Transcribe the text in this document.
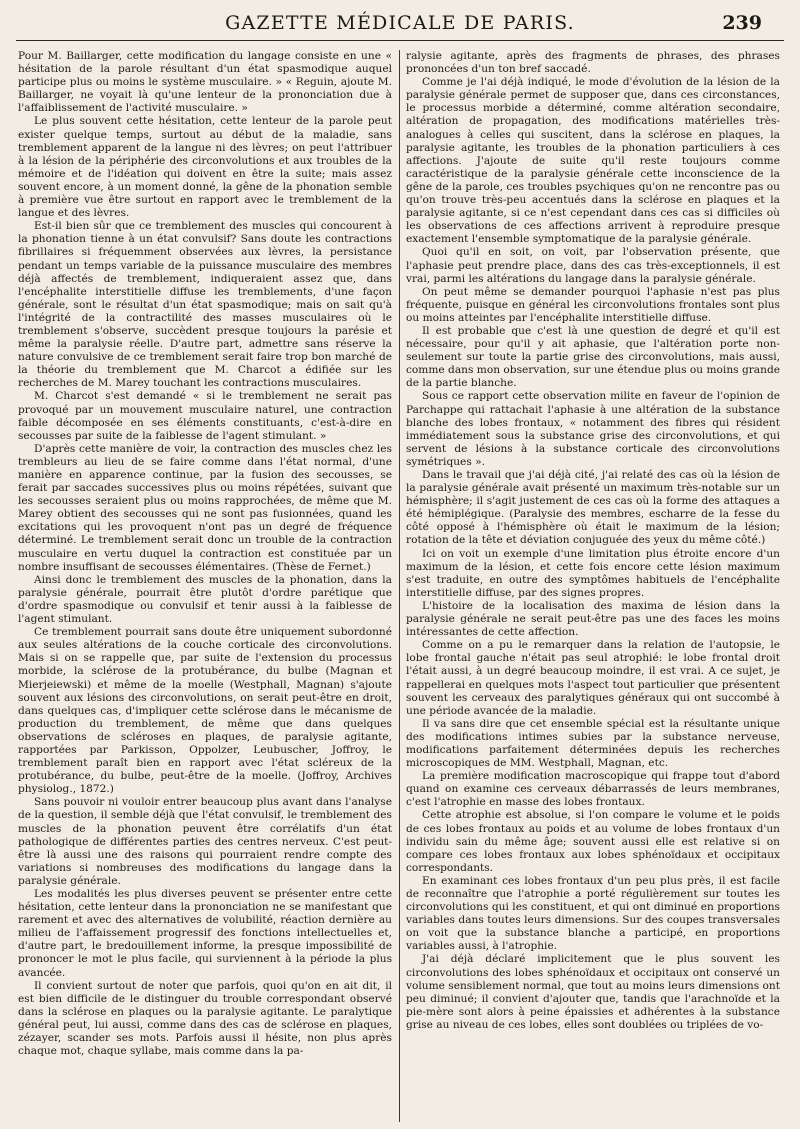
GAZETTE MÉDICALE DE PARIS.	239

Pour M. Baillarger, cette modification du langage consiste en une « hésitation de la parole résultant d'un état spasmodique auquel participe plus ou moins le système musculaire. » « Reguin, ajoute M. Baillarger, ne voyait là qu'une lenteur de la prononciation due à l'affaiblissement de l'activité musculaire. »

Le plus souvent cette hésitation, cette lenteur de la parole peut exister quelque temps, surtout au début de la maladie, sans tremblement apparent de la langue ni des lèvres; on peut l'attribuer à la lésion de la périphérie des circonvolutions et aux troubles de la mémoire et de l'idéation qui doivent en être la suite; mais assez souvent encore, à un moment donné, la gêne de la phonation semble à première vue être surtout en rapport avec le tremblement de la langue et des lèvres.

Est-il bien sûr que ce tremblement des muscles qui concourent à la phonation tienne à un état convulsif? Sans doute les contractions fibrillaires si fréquemment observées aux lèvres, la persistance pendant un temps variable de la puissance musculaire des membres déjà affectés de tremblement, indiqueraient assez que, dans l'encéphalite interstitielle diffuse les tremblements, d'une façon générale, sont le résultat d'un état spasmodique; mais on sait qu'à l'intégrité de la contractilité des masses musculaires où le tremblement s'observe, succèdent presque toujours la parésie et même la paralysie réelle. D'autre part, admettre sans réserve la nature convulsive de ce tremblement serait faire trop bon marché de la théorie du tremblement que M. Charcot a édifiée sur les recherches de M. Marey touchant les contractions musculaires.

M. Charcot s'est demandé « si le tremblement ne serait pas provoqué par un mouvement musculaire naturel, une contraction faible décomposée en ses éléments constituants, c'est-à-dire en secousses par suite de la faiblesse de l'agent stimulant. »

D'après cette manière de voir, la contraction des muscles chez les trembleurs au lieu de se faire comme dans l'état normal, d'une manière en apparence continue, par la fusion des secousses, se ferait par saccades successives plus ou moins répétées, suivant que les secousses seraient plus ou moins rapprochées, de même que M. Marey obtient des secousses qui ne sont pas fusionnées, quand les excitations qui les provoquent n'ont pas un degré de fréquence déterminé. Le tremblement serait donc un trouble de la contraction musculaire en vertu duquel la contraction est constituée par un nombre insuffisant de secousses élémentaires. (Thèse de Fernet.)

Ainsi donc le tremblement des muscles de la phonation, dans la paralysie générale, pourrait être plutôt d'ordre parétique que d'ordre spasmodique ou convulsif et tenir aussi à la faiblesse de l'agent stimulant.

Ce tremblement pourrait sans doute être uniquement subordonné aux seules altérations de la couche corticale des circonvolutions. Mais si on se rappelle que, par suite de l'extension du processus morbide, la sclérose de la protubérance, du bulbe (Magnan et Mierjeiewski) et même de la moelle (Westphall, Magnan) s'ajoute souvent aux lésions des circonvolutions, on serait peut-être en droit, dans quelques cas, d'impliquer cette sclérose dans le mécanisme de production du tremblement, de même que dans quelques observations de scléroses en plaques, de paralysie agitante, rapportées par Parkisson, Oppolzer, Leubuscher, Joffroy, le tremblement paraît bien en rapport avec l'état scléreux de la protubérance, du bulbe, peut-être de la moelle. (Joffroy, Archives physiolog., 1872.)

Sans pouvoir ni vouloir entrer beaucoup plus avant dans l'analyse de la question, il semble déjà que l'état convulsif, le tremblement des muscles de la phonation peuvent être corrélatifs d'un état pathologique de différentes parties des centres nerveux. C'est peut-être là aussi une des raisons qui pourraient rendre compte des variations si nombreuses des modifications du langage dans la paralysie générale.

Les modalités les plus diverses peuvent se présenter entre cette hésitation, cette lenteur dans la prononciation ne se manifestant que rarement et avec des alternatives de volubilité, réaction dernière au milieu de l'affaissement progressif des fonctions intellectuelles et, d'autre part, le bredouillement informe, la presque impossibilité de prononcer le mot le plus facile, qui surviennent à la période la plus avancée.

Il convient surtout de noter que parfois, quoi qu'on en ait dit, il est bien difficile de le distinguer du trouble correspondant observé dans la sclérose en plaques ou la paralysie agitante. Le paralytique général peut, lui aussi, comme dans des cas de sclérose en plaques, zézayer, scander ses mots. Parfois aussi il hésite, non plus après chaque mot, chaque syllabe, mais comme dans la pa-

ralysie agitante, après des fragments de phrases, des phrases prononcées d'un ton bref saccadé.

Comme je l'ai déjà indiqué, le mode d'évolution de la lésion de la paralysie générale permet de supposer que, dans ces circonstances, le processus morbide a déterminé, comme altération secondaire, altération de propagation, des modifications matérielles très-analogues à celles qui suscitent, dans la sclérose en plaques, la paralysie agitante, les troubles de la phonation particuliers à ces affections. J'ajoute de suite qu'il reste toujours comme caractéristique de la paralysie générale cette inconscience de la gêne de la parole, ces troubles psychiques qu'on ne rencontre pas ou qu'on trouve très-peu accentués dans la sclérose en plaques et la paralysie agitante, si ce n'est cependant dans ces cas si difficiles où les observations de ces affections arrivent à reproduire presque exactement l'ensemble symptomatique de la paralysie générale.

Quoi qu'il en soit, on voit, par l'observation présente, que l'aphasie peut prendre place, dans des cas très-exceptionnels, il est vrai, parmi les altérations du langage dans la paralysie générale.

On peut même se demander pourquoi l'aphasie n'est pas plus fréquente, puisque en général les circonvolutions frontales sont plus ou moins atteintes par l'encéphalite interstitielle diffuse.

Il est probable que c'est là une question de degré et qu'il est nécessaire, pour qu'il y ait aphasie, que l'altération porte non-seulement sur toute la partie grise des circonvolutions, mais aussi, comme dans mon observation, sur une étendue plus ou moins grande de la partie blanche.

Sous ce rapport cette observation milite en faveur de l'opinion de Parchappe qui rattachait l'aphasie à une altération de la substance blanche des lobes frontaux, « notamment des fibres qui résident immédiatement sous la substance grise des circonvolutions, et qui servent de lésions à la substance corticale des circonvolutions symétriques ».

Dans le travail que j'ai déjà cité, j'ai relaté des cas où la lésion de la paralysie générale avait présenté un maximum très-notable sur un hémisphère; il s'agit justement de ces cas où la forme des attaques a été hémiplégique. (Paralysie des membres, escharre de la fesse du côté opposé à l'hémisphère où était le maximum de la lésion; rotation de la tête et déviation conjuguée des yeux du même côté.)

Ici on voit un exemple d'une limitation plus étroite encore d'un maximum de la lésion, et cette fois encore cette lésion maximum s'est traduite, en outre des symptômes habituels de l'encéphalite interstitielle diffuse, par des signes propres.

L'histoire de la localisation des maxima de lésion dans la paralysie générale ne serait peut-être pas une des faces les moins intéressantes de cette affection.

Comme on a pu le remarquer dans la relation de l'autopsie, le lobe frontal gauche n'était pas seul atrophié: le lobe frontal droit l'était aussi, à un degré beaucoup moindre, il est vrai. A ce sujet, je rappellerai en quelques mots l'aspect tout particulier que présentent souvent les cerveaux des paralytiques généraux qui ont succombé à une période avancée de la maladie.

Il va sans dire que cet ensemble spécial est la résultante unique des modifications intimes subies par la substance nerveuse, modifications parfaitement déterminées depuis les recherches microscopiques de MM. Westphall, Magnan, etc.

La première modification macroscopique qui frappe tout d'abord quand on examine ces cerveaux débarrassés de leurs membranes, c'est l'atrophie en masse des lobes frontaux.

Cette atrophie est absolue, si l'on compare le volume et le poids de ces lobes frontaux au poids et au volume de lobes frontaux d'un individu sain du même âge; souvent aussi elle est relative si on compare ces lobes frontaux aux lobes sphénoïdaux et occipitaux correspondants.

En examinant ces lobes frontaux d'un peu plus près, il est facile de reconnaître que l'atrophie a porté régulièrement sur toutes les circonvolutions qui les constituent, et qui ont diminué en proportions variables dans toutes leurs dimensions. Sur des coupes transversales on voit que la substance blanche a participé, en proportions variables aussi, à l'atrophie.

J'ai déjà déclaré implicitement que le plus souvent les circonvolutions des lobes sphénoïdaux et occipitaux ont conservé un volume sensiblement normal, que tout au moins leurs dimensions ont peu diminué; il convient d'ajouter que, tandis que l'arachnoïde et la pie-mère sont alors à peine épaissies et adhérentes à la substance grise au niveau de ces lobes, elles sont doublées ou triplées de vo-
